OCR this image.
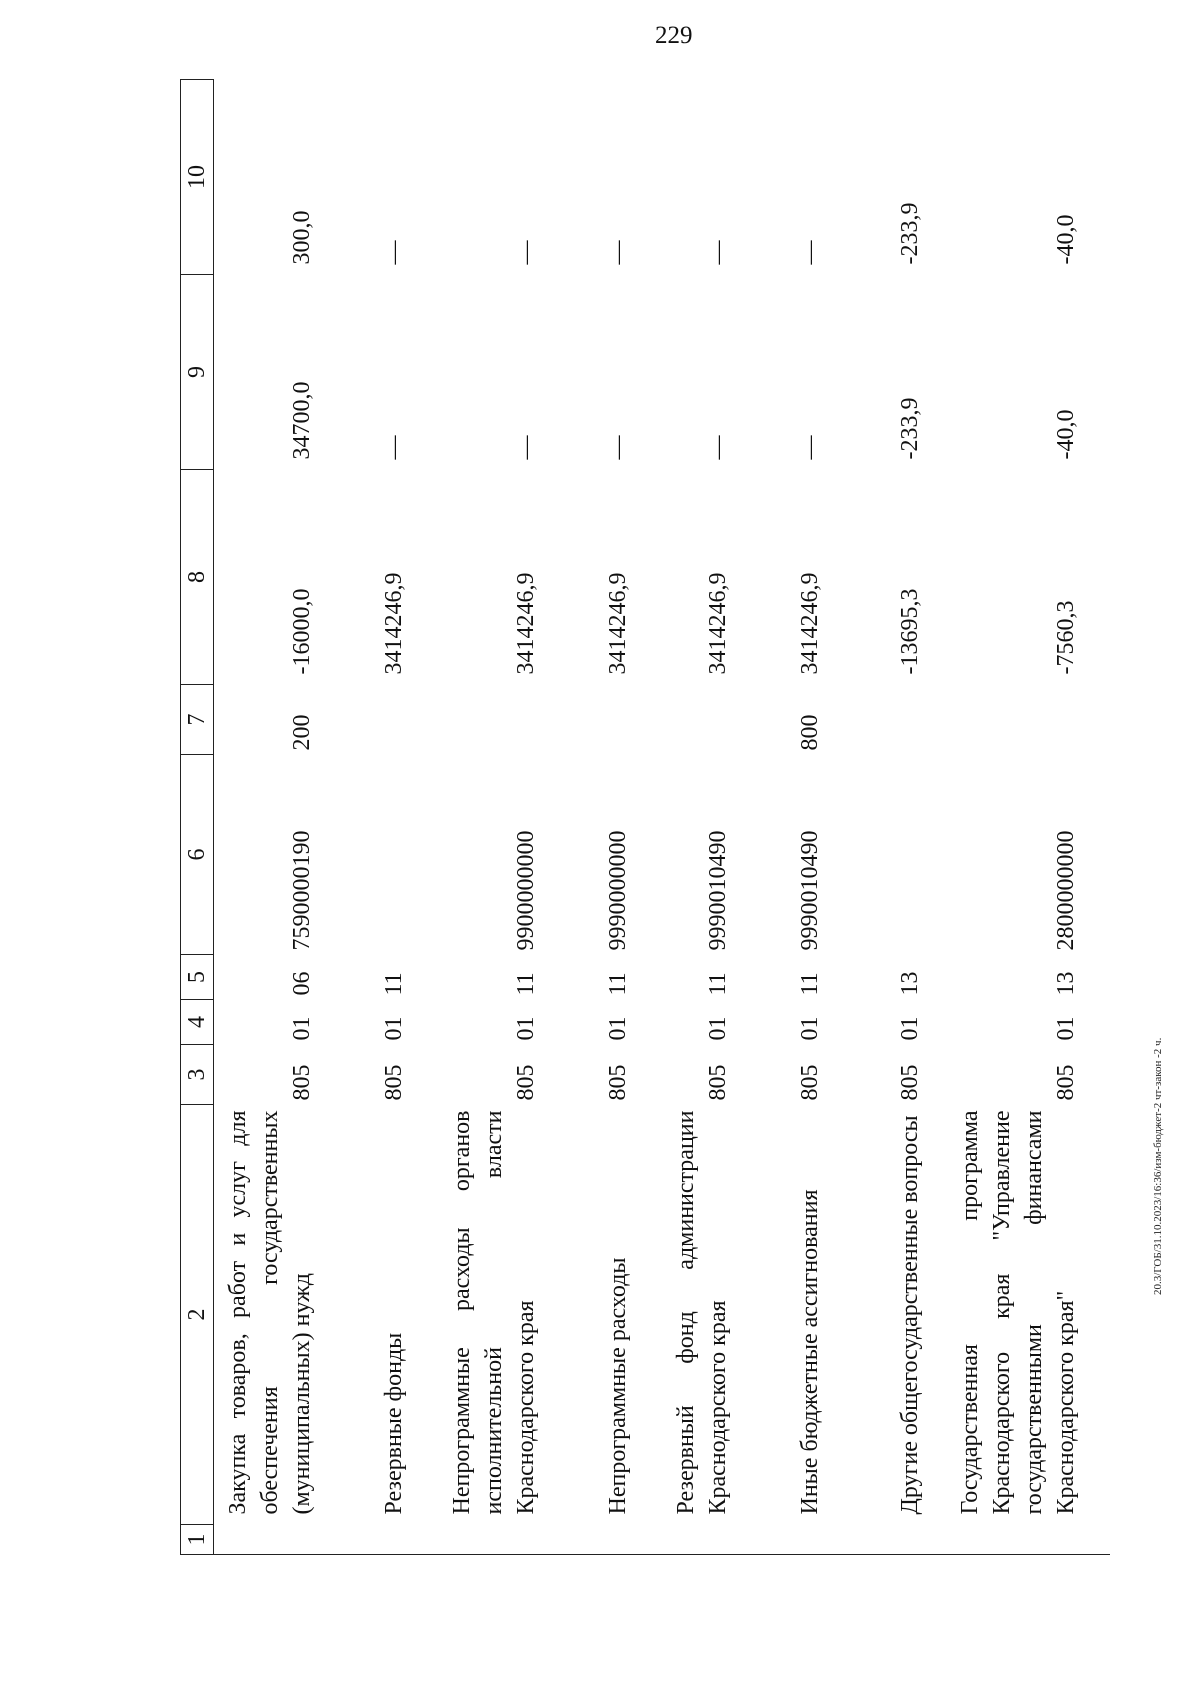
229
20.3/ГОБ/31.10.2023/16:36/изм-бюджет-2 чт-закон -2 ч.
1	2	3	4	5	6	7	8	9	10
	Закупка товаров, работ и услуг для обеспечения государственных (муниципальных) нужд	805	01	06	7590000190	200	-16000,0	34700,0	300,0
	Резервные фонды	805	01	11			3414246,9	—	—
	Непрограммные расходы органов исполнительной власти Краснодарского края	805	01	11	9900000000		3414246,9	—	—
	Непрограммные расходы	805	01	11	9990000000		3414246,9	—	—
	Резервный фонд администрации Краснодарского края	805	01	11	9990010490		3414246,9	—	—
	Иные бюджетные ассигнования	805	01	11	9990010490	800	3414246,9	—	—
	Другие общегосударственные вопросы	805	01	13			-13695,3	-233,9	-233,9
	Государственная программа Краснодарского края "Управление государственными финансами Краснодарского края"	805	01	13	2800000000		-7560,3	-40,0	-40,0
